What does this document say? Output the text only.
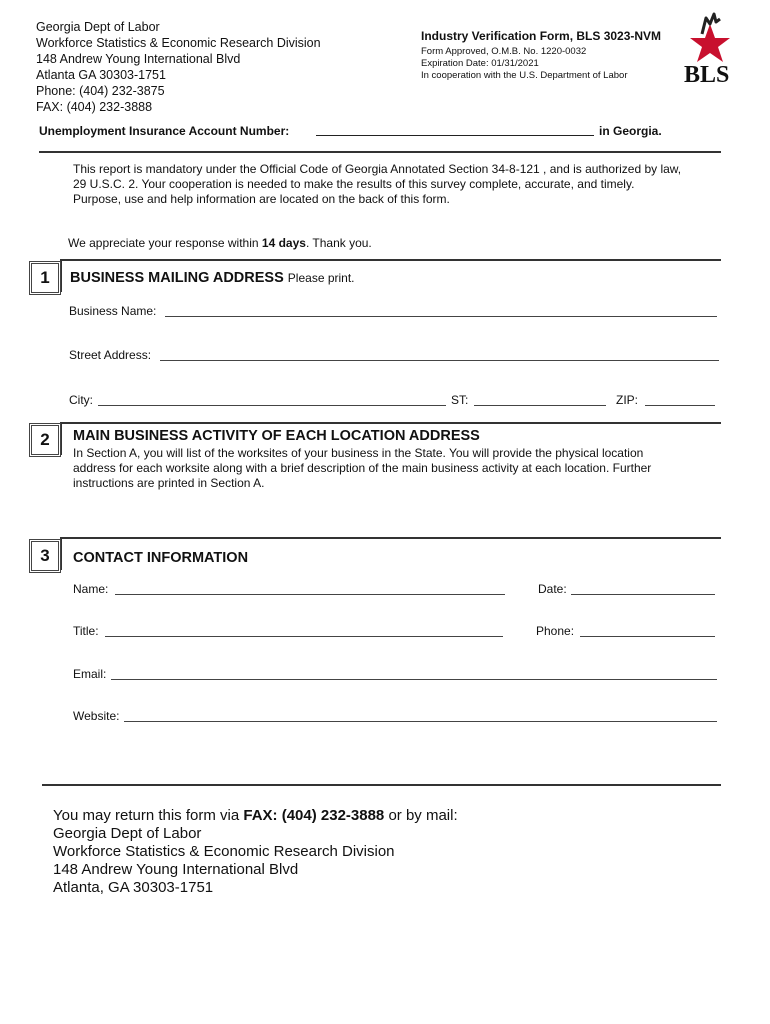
Georgia Dept of Labor
Workforce Statistics & Economic Research Division
148 Andrew Young International Blvd
Atlanta GA 30303-1751
Phone: (404) 232-3875
FAX: (404) 232-3888
Industry Verification Form, BLS 3023-NVM
Form Approved, O.M.B. No. 1220-0032
Expiration Date: 01/31/2021
In cooperation with the U.S. Department of Labor	BLS
Unemployment Insurance Account Number:	in Georgia.
This report is mandatory under the Official Code of Georgia Annotated Section 34-8-121 , and is authorized by law,
29 U.S.C. 2. Your cooperation is needed to make the results of this survey complete, accurate, and timely.
Purpose, use and help information are located on the back of this form.
We appreciate your response within 14 days. Thank you.
1	BUSINESS MAILING ADDRESS Please print.
Business Name:
Street Address:
City:	ST:	ZIP:
2	MAIN BUSINESS ACTIVITY OF EACH LOCATION ADDRESS
In Section A, you will list of the worksites of your business in the State. You will provide the physical location
address for each worksite along with a brief description of the main business activity at each location. Further
instructions are printed in Section A.
3	CONTACT INFORMATION
Name:	Date:
Title:	Phone:
Email:
Website:
You may return this form via FAX: (404) 232-3888 or by mail:
Georgia Dept of Labor
Workforce Statistics & Economic Research Division
148 Andrew Young International Blvd
Atlanta, GA 30303-1751
